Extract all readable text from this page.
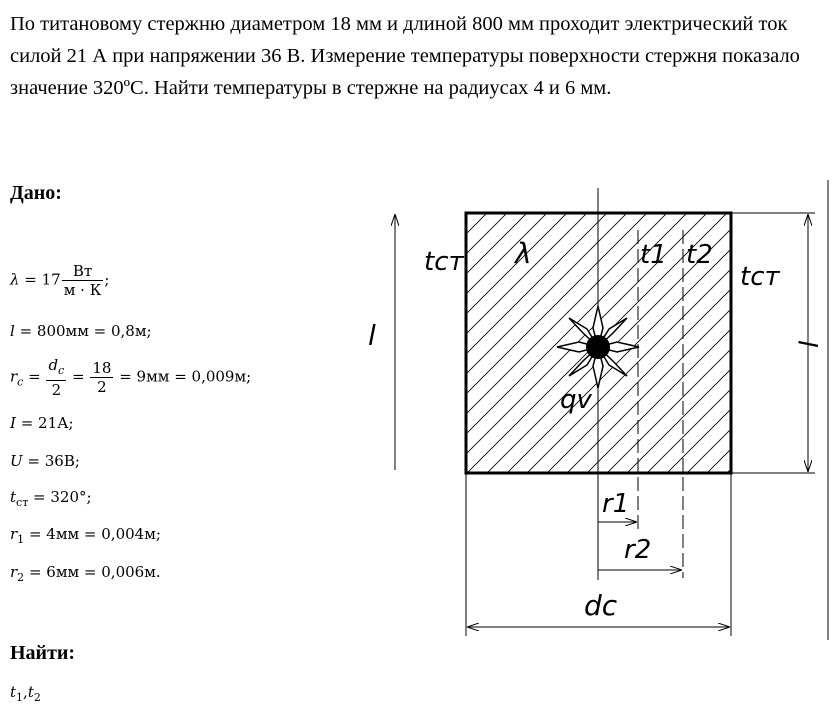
По титановому стержню диаметром 18 мм и длиной 800 мм проходит электрический ток силой 21 А при напряжении 36 В. Измерение температуры поверхности стержня показало значение 320ºС. Найти температуры в стержне на радиусах 4 и 6 мм.

Дано:
$\lambda = 17 \frac{Вт}{м \cdot К}$ ;
l = 800мм = 0,8м;
$r_c = \frac{d_c}{2} = \frac{18}{2} = 9мм = 0,009м$;
I = 21А;
U = 36В;
$t_{ст} = 320^\circ$;
$r_1 = 4мм = 0,004м$;
$r_2 = 6мм = 0,006м$.
Найти:
$t_1,t_2$
tст λ	t1 t2
tст
l	l
qv
r1
r2
dc
